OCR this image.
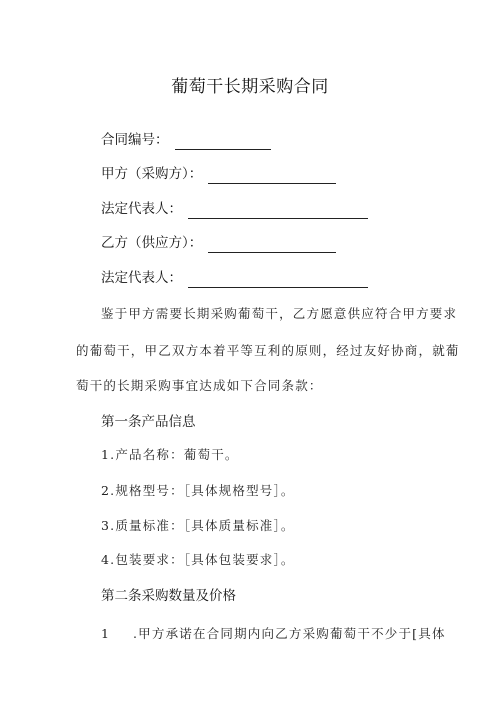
葡萄干长期采购合同
合同编号：
甲方（采购方）：
法定代表人：
乙方（供应方）：
法定代表人：
鉴于甲方需要长期采购葡萄干，乙方愿意供应符合甲方要求
的葡萄干，甲乙双方本着平等互利的原则，经过友好协商，就葡
萄干的长期采购事宜达成如下合同条款：
第一条产品信息
1.产品名称：葡萄干。
2.规格型号：［具体规格型号］。
3.质量标准：［具体质量标准］。
4.包装要求：［具体包装要求］。
第二条采购数量及价格
1 .甲方承诺在合同期内向乙方采购葡萄干不少于[具体
